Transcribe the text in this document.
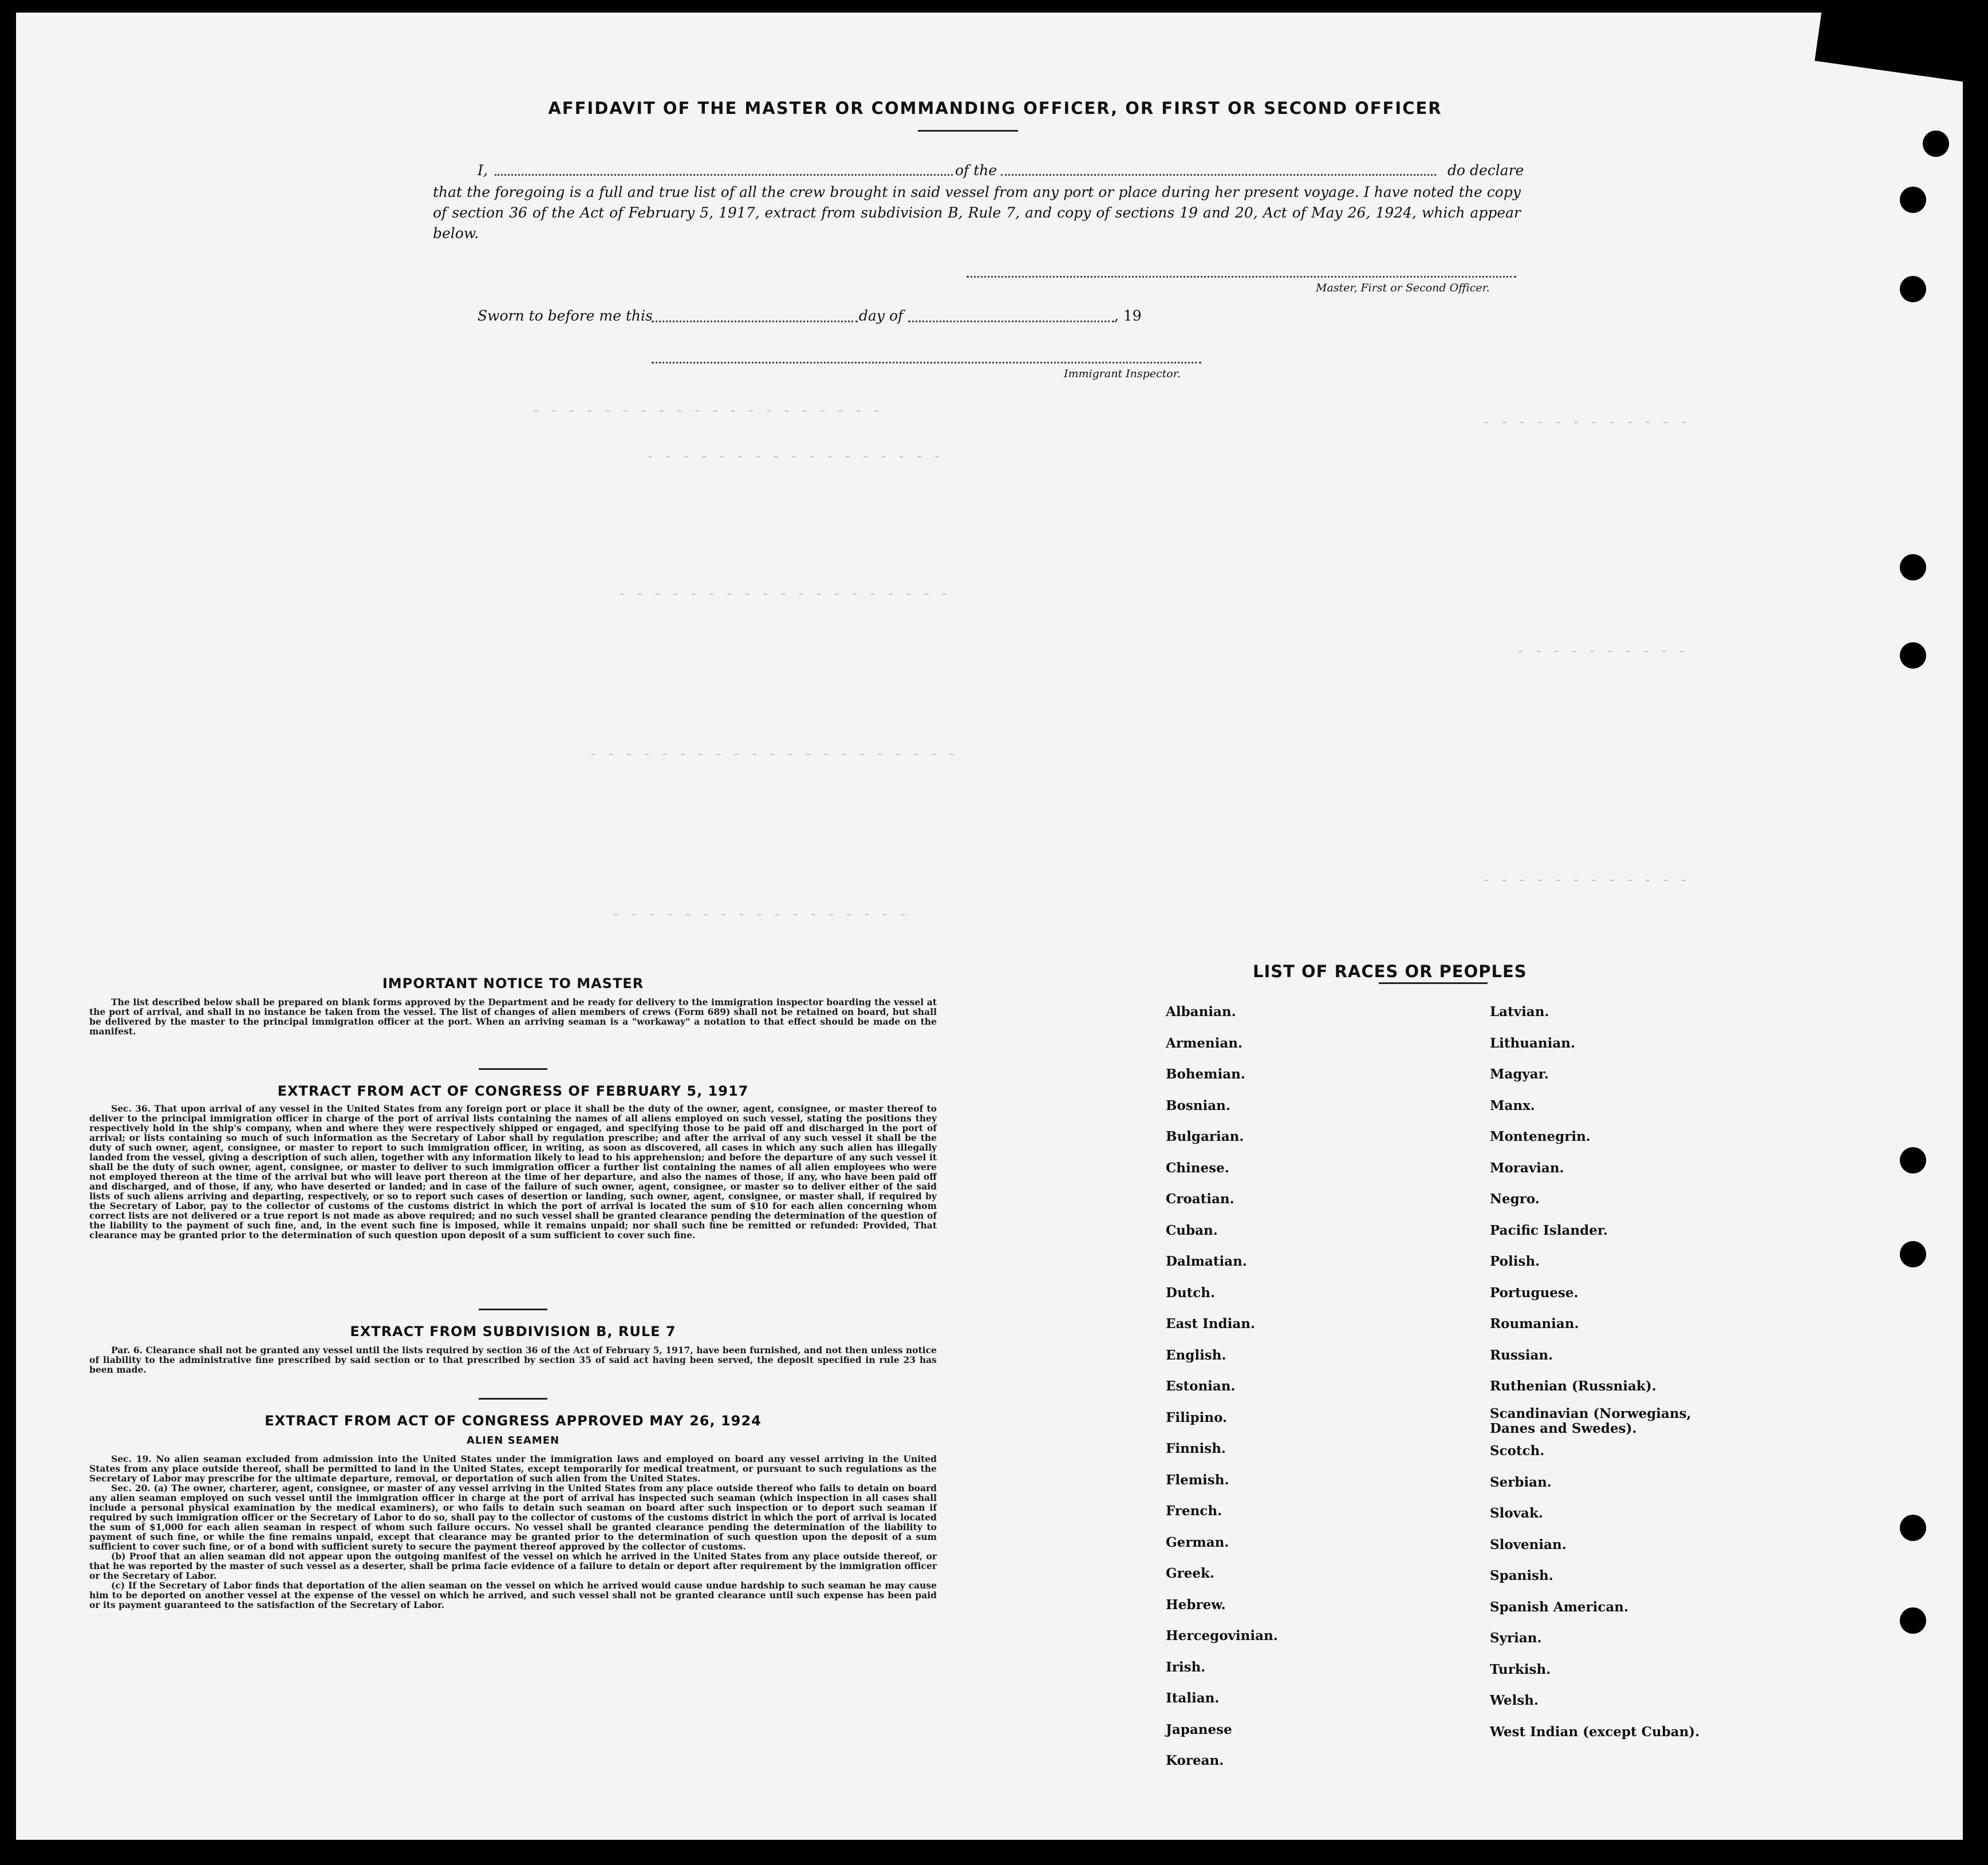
- - - - - - - - - - - - - - - - - - - -
- - - - - - - - - - - - - - - - -
- - - - - - - - - - - - - - - - - - -
- - - - - - - - - - - - - - - - - - - - -
- - - - - - - - - - - - - - - - -
- - - - - - - - - - - -
- - - - - - - - - -
- - - - - - - - - - - -
AFFIDAVIT OF THE MASTER OR COMMANDING OFFICER, OR FIRST OR SECOND OFFICER
I,	of the	do declare
that the foregoing is a full and true list of all the crew brought in said vessel from any port or place during her present voyage. I have noted the copy of section 36 of the Act of February 5, 1917, extract from subdivision B, Rule 7, and copy of sections 19 and 20, Act of May 26, 1924, which appear below.
Master, First or Second Officer.
Sworn to before me this	day of	, 19
Immigrant Inspector.
IMPORTANT NOTICE TO MASTER

The list described below shall be prepared on blank forms approved by the Department and be ready for delivery to the immigration inspector boarding the vessel at the port of arrival, and shall in no instance be taken from the vessel. The list of changes of alien members of crews (Form 689) shall not be retained on board, but shall be delivered by the master to the principal immigration officer at the port. When an arriving seaman is a "workaway" a notation to that effect should be made on the manifest.

EXTRACT FROM ACT OF CONGRESS OF FEBRUARY 5, 1917

Sec. 36. That upon arrival of any vessel in the United States from any foreign port or place it shall be the duty of the owner, agent, consignee, or master thereof to deliver to the principal immigration officer in charge of the port of arrival lists containing the names of all aliens employed on such vessel, stating the positions they respectively hold in the ship's company, when and where they were respectively shipped or engaged, and specifying those to be paid off and discharged in the port of arrival; or lists containing so much of such information as the Secretary of Labor shall by regulation prescribe; and after the arrival of any such vessel it shall be the duty of such owner, agent, consignee, or master to report to such immigration officer, in writing, as soon as discovered, all cases in which any such alien has illegally landed from the vessel, giving a description of such alien, together with any information likely to lead to his apprehension; and before the departure of any such vessel it shall be the duty of such owner, agent, consignee, or master to deliver to such immigration officer a further list containing the names of all alien employees who were not employed thereon at the time of the arrival but who will leave port thereon at the time of her departure, and also the names of those, if any, who have been paid off and discharged, and of those, if any, who have deserted or landed; and in case of the failure of such owner, agent, consignee, or master so to deliver either of the said lists of such aliens arriving and departing, respectively, or so to report such cases of desertion or landing, such owner, agent, consignee, or master shall, if required by the Secretary of Labor, pay to the collector of customs of the customs district in which the port of arrival is located the sum of $10 for each alien concerning whom correct lists are not delivered or a true report is not made as above required; and no such vessel shall be granted clearance pending the determination of the question of the liability to the payment of such fine, and, in the event such fine is imposed, while it remains unpaid; nor shall such fine be remitted or refunded: Provided, That clearance may be granted prior to the determination of such question upon deposit of a sum sufficient to cover such fine.

EXTRACT FROM SUBDIVISION B, RULE 7

Par. 6. Clearance shall not be granted any vessel until the lists required by section 36 of the Act of February 5, 1917, have been furnished, and not then unless notice of liability to the administrative fine prescribed by said section or to that prescribed by section 35 of said act having been served, the deposit specified in rule 23 has been made.

EXTRACT FROM ACT OF CONGRESS APPROVED MAY 26, 1924
ALIEN SEAMEN

Sec. 19. No alien seaman excluded from admission into the United States under the immigration laws and employed on board any vessel arriving in the United States from any place outside thereof, shall be permitted to land in the United States, except temporarily for medical treatment, or pursuant to such regulations as the Secretary of Labor may prescribe for the ultimate departure, removal, or deportation of such alien from the United States.

Sec. 20. (a) The owner, charterer, agent, consignee, or master of any vessel arriving in the United States from any place outside thereof who fails to detain on board any alien seaman employed on such vessel until the immigration officer in charge at the port of arrival has inspected such seaman (which inspection in all cases shall include a personal physical examination by the medical examiners), or who fails to detain such seaman on board after such inspection or to deport such seaman if required by such immigration officer or the Secretary of Labor to do so, shall pay to the collector of customs of the customs district in which the port of arrival is located the sum of $1,000 for each alien seaman in respect of whom such failure occurs. No vessel shall be granted clearance pending the determination of the liability to payment of such fine, or while the fine remains unpaid, except that clearance may be granted prior to the determination of such question upon the deposit of a sum sufficient to cover such fine, or of a bond with sufficient surety to secure the payment thereof approved by the collector of customs.

(b) Proof that an alien seaman did not appear upon the outgoing manifest of the vessel on which he arrived in the United States from any place outside thereof, or that he was reported by the master of such vessel as a deserter, shall be prima facie evidence of a failure to detain or deport after requirement by the immigration officer or the Secretary of Labor.

(c) If the Secretary of Labor finds that deportation of the alien seaman on the vessel on which he arrived would cause undue hardship to such seaman he may cause him to be deported on another vessel at the expense of the vessel on which he arrived, and such vessel shall not be granted clearance until such expense has been paid or its payment guaranteed to the satisfaction of the Secretary of Labor.

LIST OF RACES OR PEOPLES
Albanian.
Armenian.
Bohemian.
Bosnian.
Bulgarian.
Chinese.
Croatian.
Cuban.
Dalmatian.
Dutch.
East Indian.
English.
Estonian.
Filipino.
Finnish.
Flemish.
French.
German.
Greek.
Hebrew.
Hercegovinian.
Irish.
Italian.
Japanese
Korean.
Latvian.
Lithuanian.
Magyar.
Manx.
Montenegrin.
Moravian.
Negro.
Pacific Islander.
Polish.
Portuguese.
Roumanian.
Russian.
Ruthenian (Russniak).
Scandinavian (Norwegians, Danes and Swedes).
Scotch.
Serbian.
Slovak.
Slovenian.
Spanish.
Spanish American.
Syrian.
Turkish.
Welsh.
West Indian (except Cuban).
